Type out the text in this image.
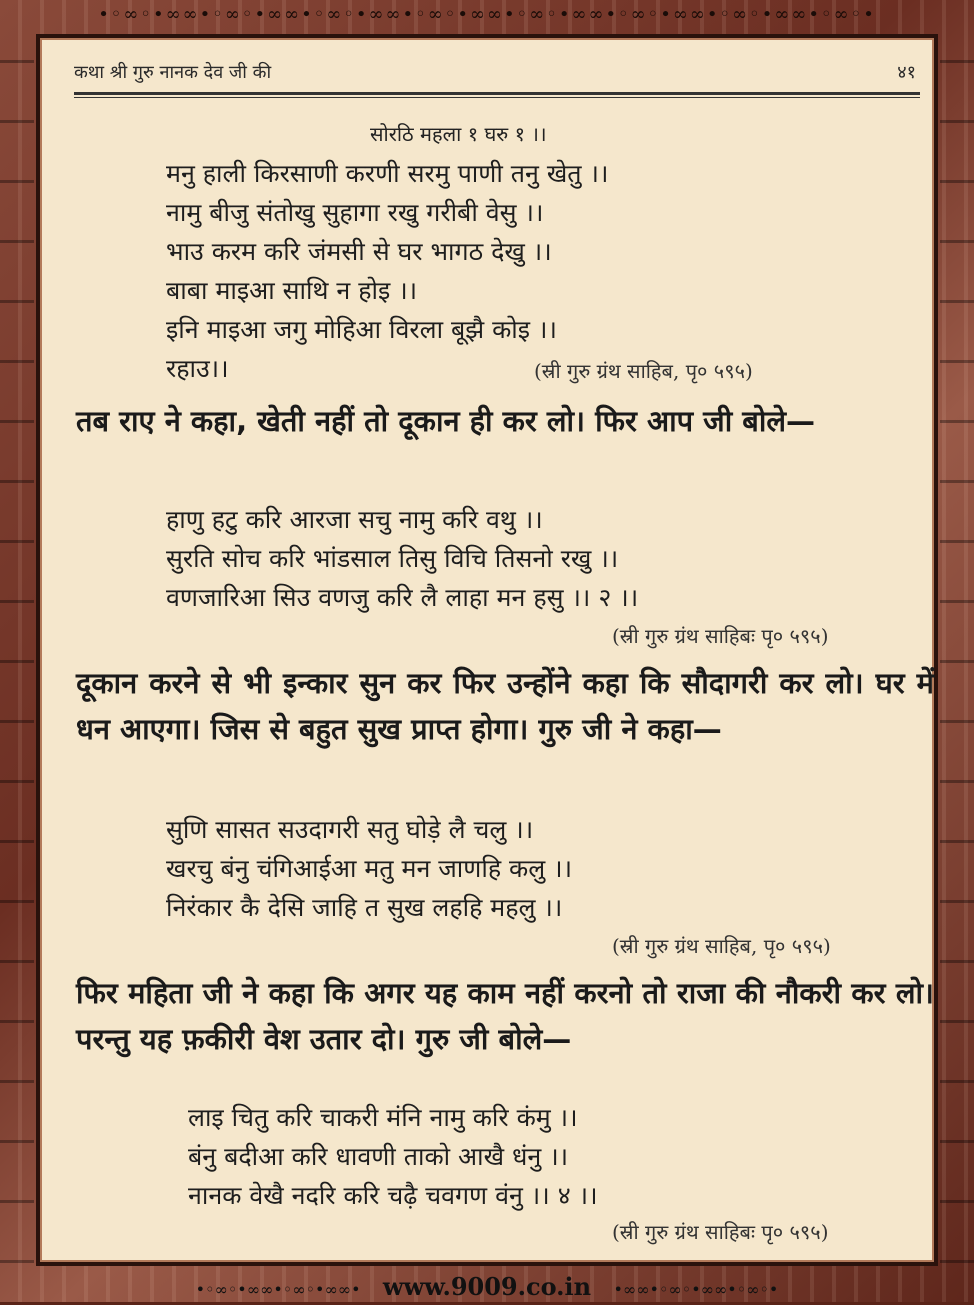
•◦∞◦•∞∞•◦∞◦•∞∞•◦∞◦•∞∞•◦∞◦•∞∞•◦∞◦•∞∞•◦∞◦•∞∞•◦∞◦•∞∞•◦∞◦•
कथा श्री गुरु नानक देव जी की	४१
सोरठि महला १ घरु १ ।।
मनु हाली किरसाणी करणी सरमु पाणी तनु खेतु ।।
नामु बीजु संतोखु सुहागा रखु गरीबी वेसु ।।
भाउ करम करि जंमसी से घर भागठ देखु ।।
बाबा माइआ साथि न होइ ।।
इनि माइआ जगु मोहिआ विरला बूझै कोइ ।।
रहाउ।।	(स्री गुरु ग्रंथ साहिब, पृ० ५९५)

तब राए ने कहा, खेती नहीं तो दूकान ही कर लो। फिर आप जी बोले—

हाणु हटु करि आरजा सचु नामु करि वथु ।।
सुरति सोच करि भांडसाल तिसु विचि तिसनो रखु ।।
वणजारिआ सिउ वणजु करि लै लाहा मन हसु ।। २ ।।
(स्री गुरु ग्रंथ साहिबः पृ० ५९५)

दूकान करने से भी इन्कार सुन कर फिर उन्होंने कहा कि सौदागरी कर लो। घर में धन आएगा। जिस से बहुत सुख प्राप्त होगा। गुरु जी ने कहा—

सुणि सासत सउदागरी सतु घोड़े लै चलु ।।
खरचु बंनु चंगिआईआ मतु मन जाणहि कलु ।।
निरंकार कै देसि जाहि त सुख लहहि महलु ।।
(स्री गुरु ग्रंथ साहिब, पृ० ५९५)

फिर महिता जी ने कहा कि अगर यह काम नहीं करनो तो राजा की नौकरी कर लो। परन्तु यह फ़कीरी वेश उतार दो। गुरु जी बोले—

लाइ चितु करि चाकरी मंनि नामु करि कंमु ।।
बंनु बदीआ करि धावणी ताको आखै धंनु ।।
नानक वेखै नदरि करि चढ़ै चवगण वंनु ।। ४ ।।
(स्री गुरु ग्रंथ साहिबः पृ० ५९५)
•◦∞◦•∞∞•◦∞◦•∞∞• www.9009.co.in •∞∞•◦∞◦•∞∞•◦∞◦•
